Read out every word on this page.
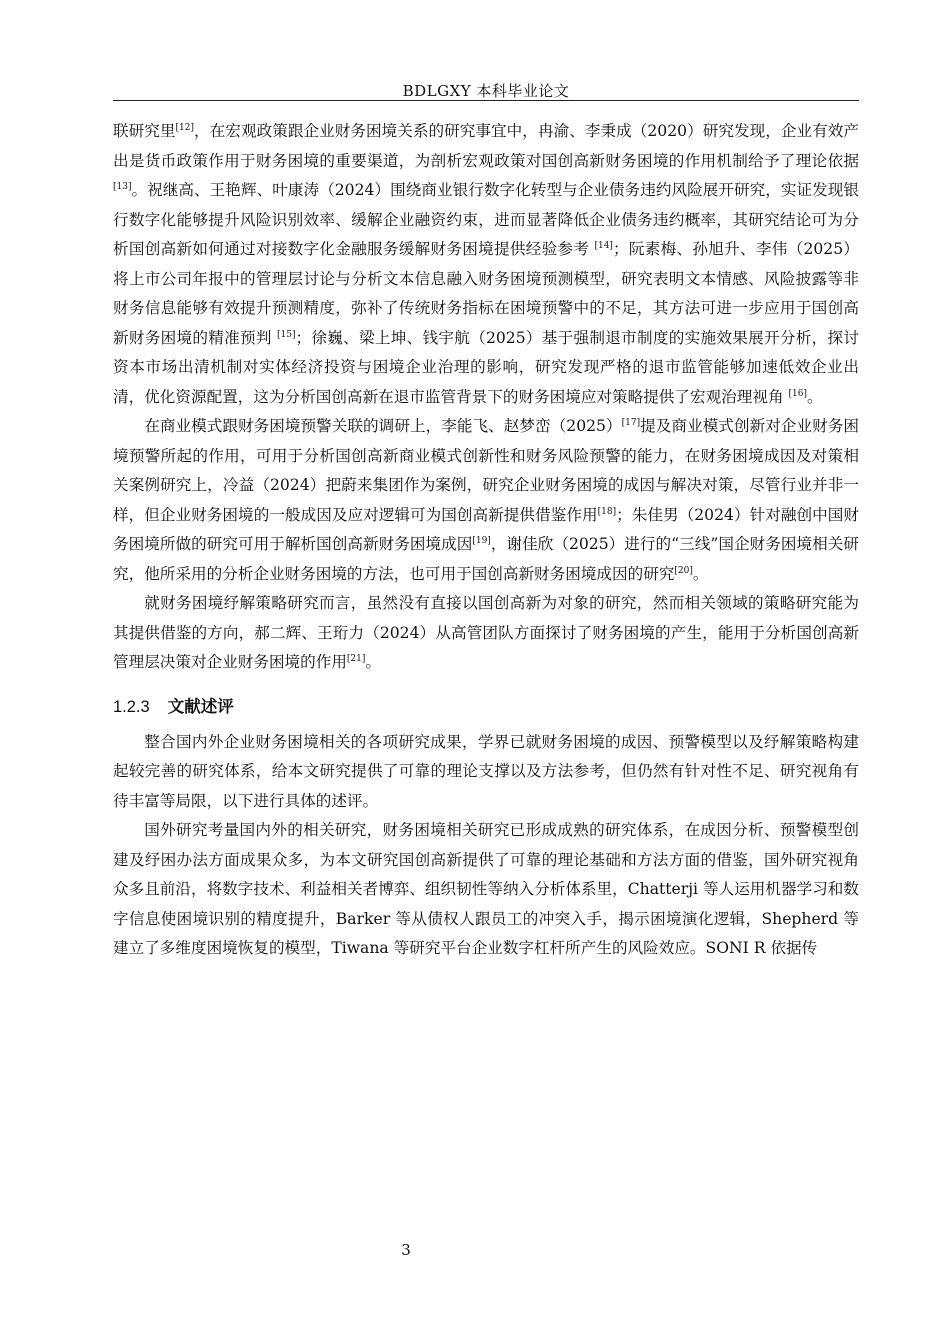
BDLGXY 本科毕业论文

联研究里[12]，在宏观政策跟企业财务困境关系的研究事宜中，冉渝、李秉成（2020）研究发现，企业有效产出是货币政策作用于财务困境的重要渠道，为剖析宏观政策对国创高新财务困境的作用机制给予了理论依据[13]。祝继高、王艳辉、叶康涛（2024）围绕商业银行数字化转型与企业债务违约风险展开研究，实证发现银行数字化能够提升风险识别效率、缓解企业融资约束，进而显著降低企业债务违约概率，其研究结论可为分析国创高新如何通过对接数字化金融服务缓解财务困境提供经验参考 [14]；阮素梅、孙旭升、李伟（2025）将上市公司年报中的管理层讨论与分析文本信息融入财务困境预测模型，研究表明文本情感、风险披露等非财务信息能够有效提升预测精度，弥补了传统财务指标在困境预警中的不足，其方法可进一步应用于国创高新财务困境的精准预判 [15]；徐巍、梁上坤、钱宇航（2025）基于强制退市制度的实施效果展开分析，探讨资本市场出清机制对实体经济投资与困境企业治理的影响，研究发现严格的退市监管能够加速低效企业出清，优化资源配置，这为分析国创高新在退市监管背景下的财务困境应对策略提供了宏观治理视角 [16]。

在商业模式跟财务困境预警关联的调研上，李能飞、赵梦峦（2025）[17]提及商业模式创新对企业财务困境预警所起的作用，可用于分析国创高新商业模式创新性和财务风险预警的能力，在财务困境成因及对策相关案例研究上，冷益（2024）把蔚来集团作为案例，研究企业财务困境的成因与解决对策，尽管行业并非一样，但企业财务困境的一般成因及应对逻辑可为国创高新提供借鉴作用[18]；朱佳男（2024）针对融创中国财务困境所做的研究可用于解析国创高新财务困境成因[19]，谢佳欣（2025）进行的“三线”国企财务困境相关研究，他所采用的分析企业财务困境的方法，也可用于国创高新财务困境成因的研究[20]。

就财务困境纾解策略研究而言，虽然没有直接以国创高新为对象的研究，然而相关领域的策略研究能为其提供借鉴的方向，郝二辉、王珩力（2024）从高管团队方面探讨了财务困境的产生，能用于分析国创高新管理层决策对企业财务困境的作用[21]。

1.2.3 文献述评

整合国内外企业财务困境相关的各项研究成果，学界已就财务困境的成因、预警模型以及纾解策略构建起较完善的研究体系，给本文研究提供了可靠的理论支撑以及方法参考，但仍然有针对性不足、研究视角有待丰富等局限，以下进行具体的述评。

国外研究考量国内外的相关研究，财务困境相关研究已形成成熟的研究体系，在成因分析、预警模型创建及纾困办法方面成果众多，为本文研究国创高新提供了可靠的理论基础和方法方面的借鉴，国外研究视角众多且前沿，将数字技术、利益相关者博弈、组织韧性等纳入分析体系里，Chatterji 等人运用机器学习和数字信息使困境识别的精度提升，Barker 等从债权人跟员工的冲突入手，揭示困境演化逻辑，Shepherd 等建立了多维度困境恢复的模型，Tiwana 等研究平台企业数字杠杆所产生的风险效应。SONI R 依据传

3
